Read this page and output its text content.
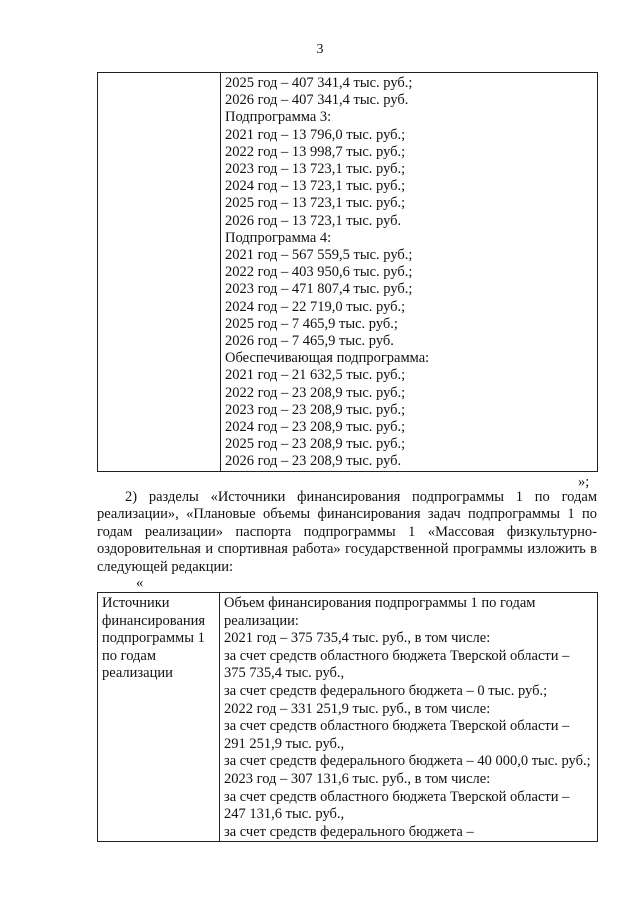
3

2025 год – 407 341,4 тыс. руб.;
2026 год – 407 341,4 тыс. руб.
Подпрограмма 3:
2021 год – 13 796,0 тыс. руб.;
2022 год – 13 998,7 тыс. руб.;
2023 год – 13 723,1 тыс. руб.;
2024 год – 13 723,1 тыс. руб.;
2025 год – 13 723,1 тыс. руб.;
2026 год – 13 723,1 тыс. руб.
Подпрограмма 4:
2021 год – 567 559,5 тыс. руб.;
2022 год – 403 950,6 тыс. руб.;
2023 год – 471 807,4 тыс. руб.;
2024 год – 22 719,0 тыс. руб.;
2025 год – 7 465,9 тыс. руб.;
2026 год – 7 465,9 тыс. руб.
Обеспечивающая подпрограмма:
2021 год – 21 632,5 тыс. руб.;
2022 год – 23 208,9 тыс. руб.;
2023 год – 23 208,9 тыс. руб.;
2024 год – 23 208,9 тыс. руб.;
2025 год – 23 208,9 тыс. руб.;
2026 год – 23 208,9 тыс. руб.
»;
2) разделы «Источники финансирования подпрограммы 1 по годам реализации», «Плановые объемы финансирования задач подпрограммы 1 по годам реализации» паспорта подпрограммы 1 «Массовая физкультурно-оздоровительная и спортивная работа» государственной программы изложить в следующей редакции:
«
Источники финансирования подпрограммы 1 по годам реализации	
Объем финансирования подпрограммы 1 по годам реализации:
2021 год – 375 735,4 тыс. руб., в том числе:
за счет средств областного бюджета Тверской области – 375 735,4 тыс. руб.,
за счет средств федерального бюджета – 0 тыс. руб.;
2022 год – 331 251,9 тыс. руб., в том числе:
за счет средств областного бюджета Тверской области – 291 251,9 тыс. руб.,
за счет средств федерального бюджета – 40 000,0 тыс. руб.;
2023 год – 307 131,6 тыс. руб., в том числе:
за счет средств областного бюджета Тверской области – 247 131,6 тыс. руб.,
за счет средств федерального бюджета –
